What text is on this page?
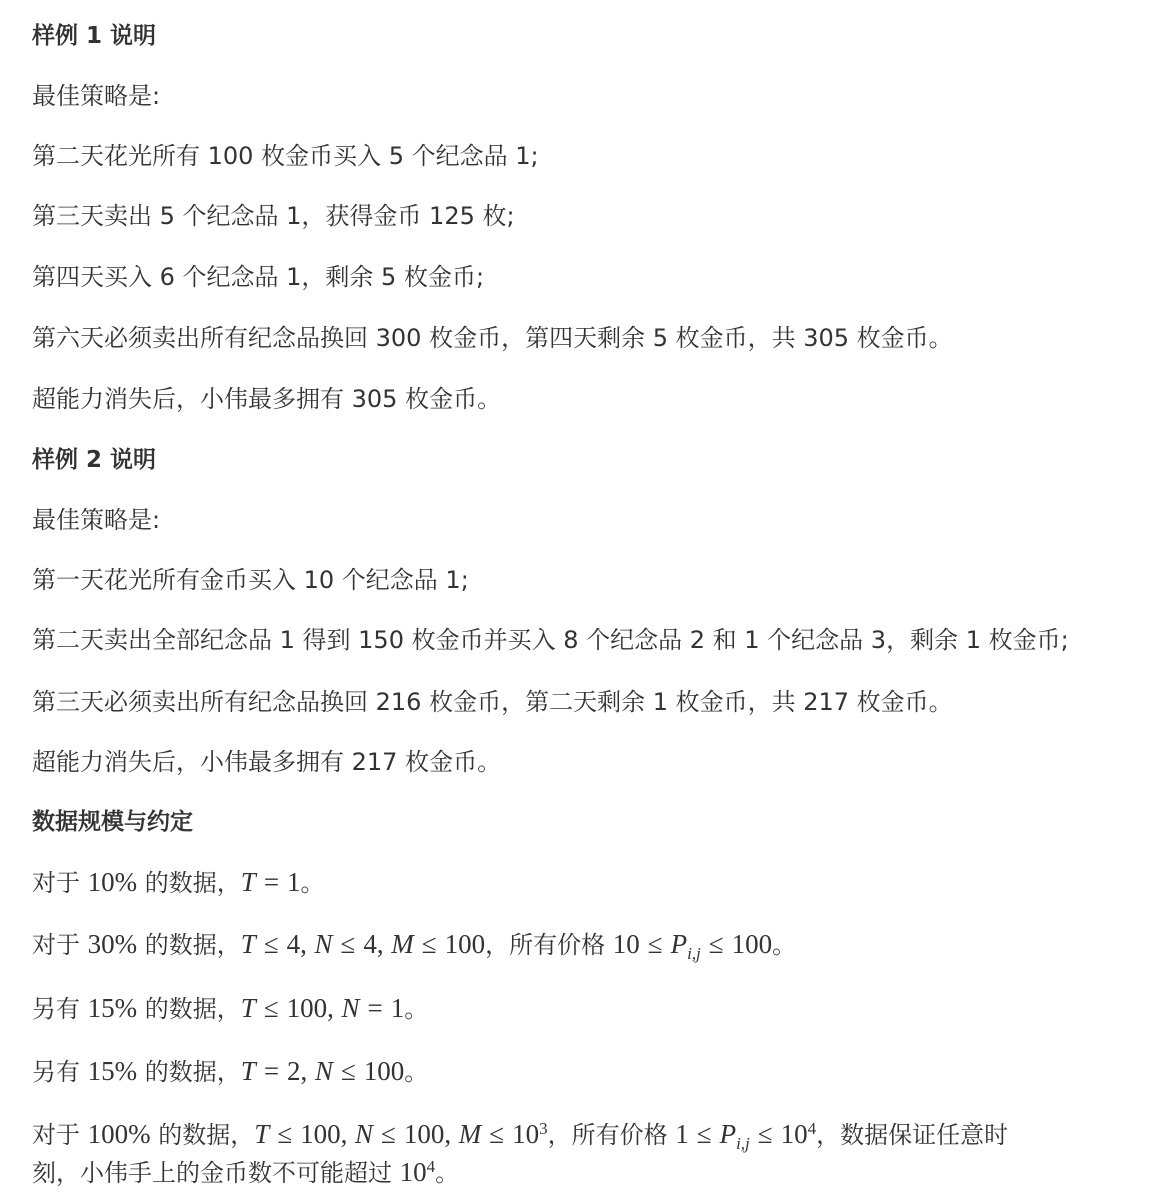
样例 1 说明
最佳策略是:
第二天花光所有 100 枚金币买入 5 个纪念品 1;
第三天卖出 5 个纪念品 1，获得金币 125 枚;
第四天买入 6 个纪念品 1，剩余 5 枚金币;
第六天必须卖出所有纪念品换回 300 枚金币，第四天剩余 5 枚金币，共 305 枚金币。
超能力消失后，小伟最多拥有 305 枚金币。
样例 2 说明
最佳策略是:
第一天花光所有金币买入 10 个纪念品 1;
第二天卖出全部纪念品 1 得到 150 枚金币并买入 8 个纪念品 2 和 1 个纪念品 3，剩余 1 枚金币;
第三天必须卖出所有纪念品换回 216 枚金币，第二天剩余 1 枚金币，共 217 枚金币。
超能力消失后，小伟最多拥有 217 枚金币。
数据规模与约定
对于 10% 的数据，T = 1。
对于 30% 的数据，T ≤ 4, N ≤ 4, M ≤ 100，所有价格 $10 \le P_{i,j} \le 100$。
另有 15% 的数据，T ≤ 100, N = 1。
另有 15% 的数据，T = 2, N ≤ 100。
对于 100% 的数据，T ≤ 100, N ≤ 100, $M \le 10^3$，所有价格 $1 \le P_{i,j} \le 10^4$，数据保证任意时
刻，小伟手上的金币数不可能超过 $10^4$。
